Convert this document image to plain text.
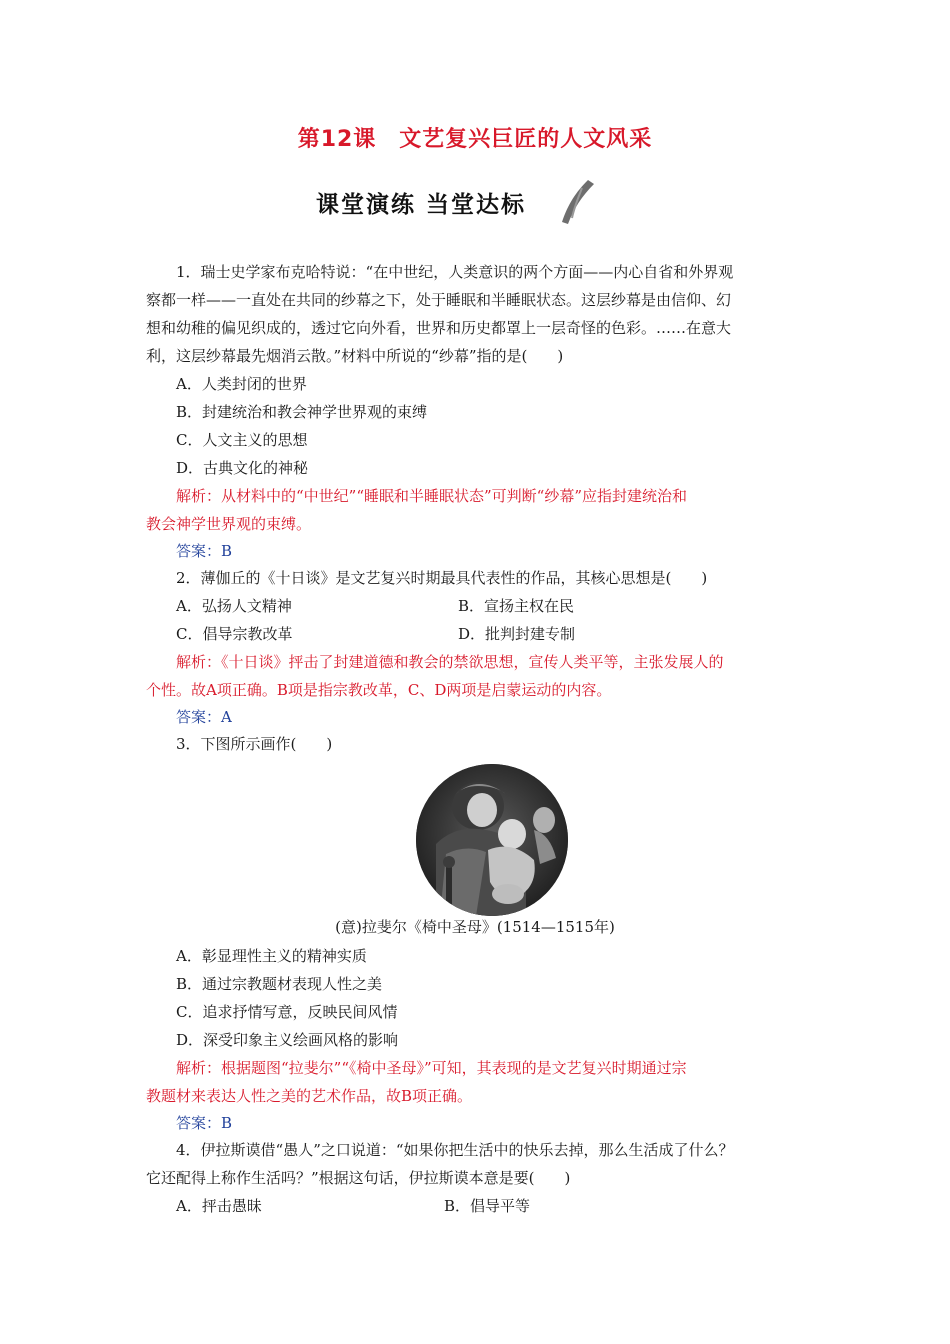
第12课　文艺复兴巨匠的人文风采
课堂演练 当堂达标
1．瑞士史学家布克哈特说：“在中世纪，人类意识的两个方面——内心自省和外界观
察都一样——一直处在共同的纱幕之下，处于睡眠和半睡眠状态。这层纱幕是由信仰、幻
想和幼稚的偏见织成的，透过它向外看，世界和历史都罩上一层奇怪的色彩。……在意大
利，这层纱幕最先烟消云散。”材料中所说的“纱幕”指的是(　　)
A．人类封闭的世界
B．封建统治和教会神学世界观的束缚
C．人文主义的思想
D．古典文化的神秘
解析：从材料中的“中世纪”“睡眠和半睡眠状态”可判断“纱幕”应指封建统治和
教会神学世界观的束缚。
答案：B
2．薄伽丘的《十日谈》是文艺复兴时期最具代表性的作品，其核心思想是(　　)
A．弘扬人文精神	B．宣扬主权在民
C．倡导宗教改革	D．批判封建专制
解析：《十日谈》抨击了封建道德和教会的禁欲思想，宣传人类平等，主张发展人的
个性。故A项正确。B项是指宗教改革，C、D两项是启蒙运动的内容。
答案：A
3．下图所示画作(　　)
(意)拉斐尔《椅中圣母》(1514—1515年)
A．彰显理性主义的精神实质
B．通过宗教题材表现人性之美
C．追求抒情写意，反映民间风情
D．深受印象主义绘画风格的影响
解析：根据题图“拉斐尔”“《椅中圣母》”可知，其表现的是文艺复兴时期通过宗
教题材来表达人性之美的艺术作品，故B项正确。
答案：B
4．伊拉斯谟借“愚人”之口说道：“如果你把生活中的快乐去掉，那么生活成了什么？
它还配得上称作生活吗？”根据这句话，伊拉斯谟本意是要(　　)
A．抨击愚昧	B．倡导平等
